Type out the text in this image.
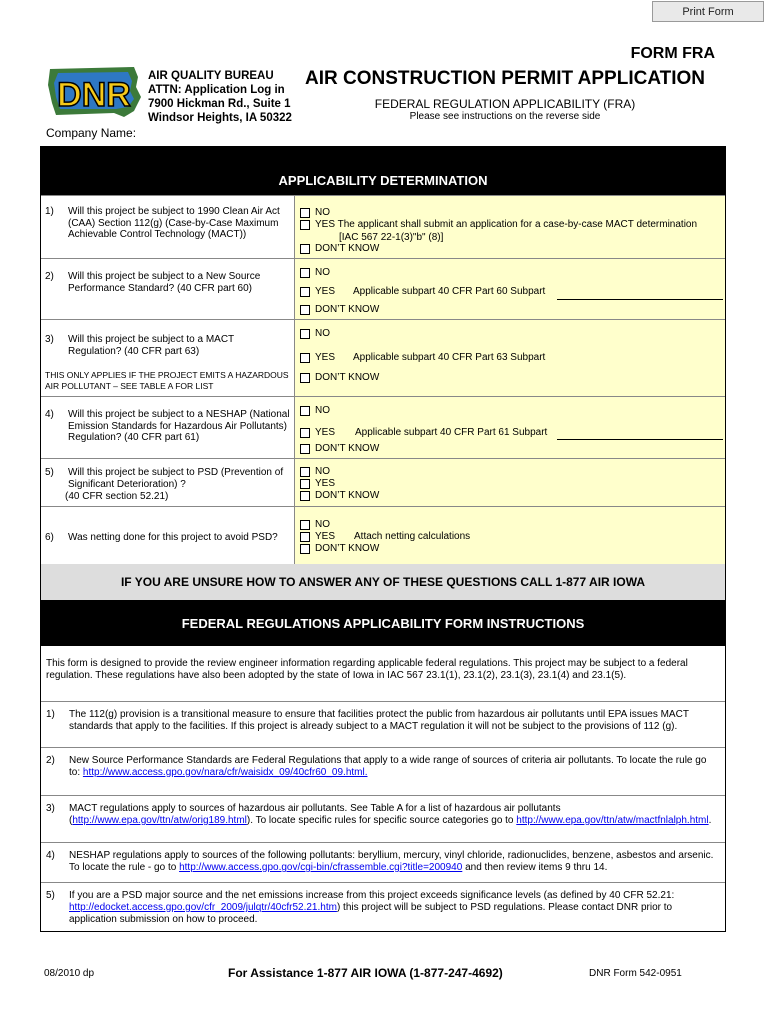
Print Form
FORM FRA
DNR AIR QUALITY BUREAU
ATTN: Application Log in
7900 Hickman Rd., Suite 1
Windsor Heights, IA 50322
AIR CONSTRUCTION PERMIT APPLICATION
FEDERAL REGULATION APPLICABILITY (FRA)
Please see instructions on the reverse side
Company Name:
APPLICABILITY DETERMINATION
1) Will this project be subject to 1990 Clean Air Act (CAA) Section 112(g) (Case-by-Case Maximum Achievable Control Technology (MACT))
NO
YES The applicant shall submit an application for a case-by-case MACT determination
[IAC 567 22-1(3)"b" (8)]
DON’T KNOW
2) Will this project be subject to a New Source Performance Standard? (40 CFR part 60)
NO
YES Applicable subpart 40 CFR Part 60 Subpart
DON’T KNOW
3) Will this project be subject to a MACT Regulation? (40 CFR part 63)
THIS ONLY APPLIES IF THE PROJECT EMITS A HAZARDOUS AIR POLLUTANT – SEE TABLE A FOR LIST
NO
YES Applicable subpart 40 CFR Part 63 Subpart
DON’T KNOW
4) Will this project be subject to a NESHAP (National Emission Standards for Hazardous Air Pollutants) Regulation? (40 CFR part 61)
NO
YES Applicable subpart 40 CFR Part 61 Subpart
DON’T KNOW
5) Will this project be subject to PSD (Prevention of Significant Deterioration) ?
(40 CFR section 52.21)
NO
YES
DON’T KNOW
6) Was netting done for this project to avoid PSD?
NO
YES Attach netting calculations
DON’T KNOW
IF YOU ARE UNSURE HOW TO ANSWER ANY OF THESE QUESTIONS CALL 1-877 AIR IOWA
FEDERAL REGULATIONS APPLICABILITY FORM INSTRUCTIONS
This form is designed to provide the review engineer information regarding applicable federal regulations. This project may be subject to a federal regulation. These regulations have also been adopted by the state of Iowa in IAC 567 23.1(1), 23.1(2), 23.1(3), 23.1(4) and 23.1(5).
1) The 112(g) provision is a transitional measure to ensure that facilities protect the public from hazardous air pollutants until EPA issues MACT standards that apply to the facilities. If this project is already subject to a MACT regulation it will not be subject to the provisions of 112 (g).
2) New Source Performance Standards are Federal Regulations that apply to a wide range of sources of criteria air pollutants. To locate the rule go to: http://www.access.gpo.gov/nara/cfr/waisidx_09/40cfr60_09.html.
3) MACT regulations apply to sources of hazardous air pollutants. See Table A for a list of hazardous air pollutants
(http://www.epa.gov/ttn/atw/orig189.html). To locate specific rules for specific source categories go to http://www.epa.gov/ttn/atw/mactfnlalph.html.
4) NESHAP regulations apply to sources of the following pollutants: beryllium, mercury, vinyl chloride, radionuclides, benzene, asbestos and arsenic. To locate the rule - go to http://www.access.gpo.gov/cgi-bin/cfrassemble.cgi?title=200940 and then review items 9 thru 14.
5) If you are a PSD major source and the net emissions increase from this project exceeds significance levels (as defined by 40 CFR 52.21:
http://edocket.access.gpo.gov/cfr_2009/julqtr/40cfr52.21.htm) this project will be subject to PSD regulations. Please contact DNR prior to application submission on how to proceed.
08/2010 dp	For Assistance 1-877 AIR IOWA (1-877-247-4692)	DNR Form 542-0951
